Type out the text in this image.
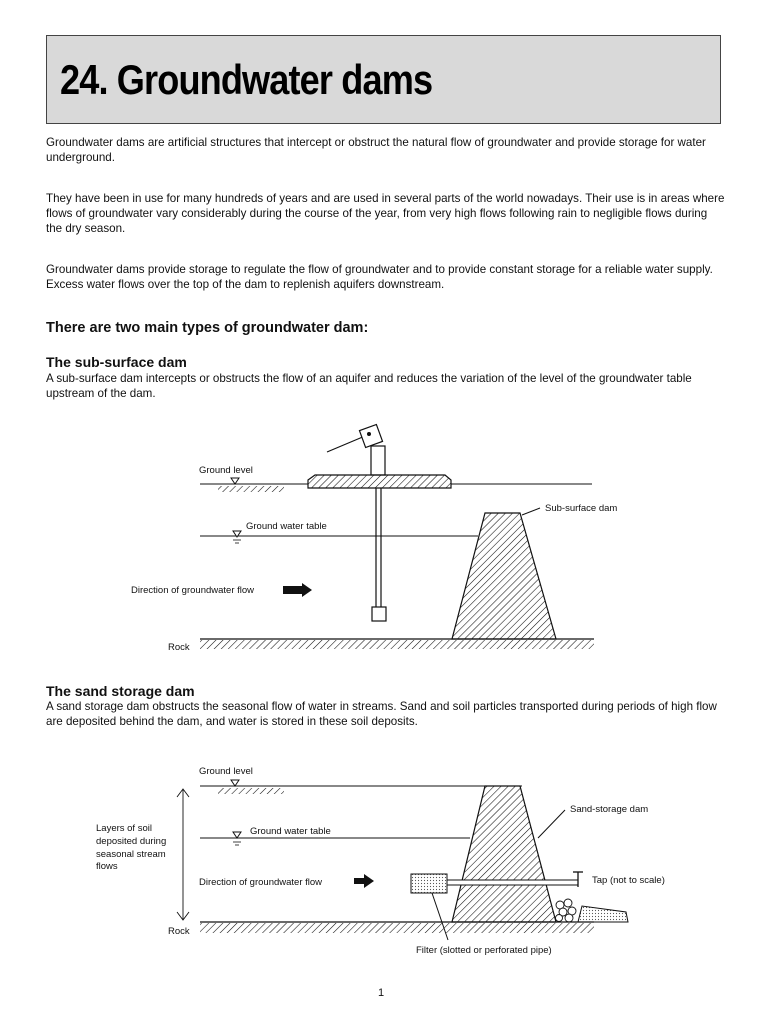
24. Groundwater dams

Groundwater dams are artificial structures that intercept or obstruct the natural flow of groundwater and provide storage for water underground.

They have been in use for many hundreds of years and are used in several parts of the world nowadays. Their use is in areas where flows of groundwater vary considerably during the course of the year, from very high flows following rain to negligible flows during the dry season.

Groundwater dams provide storage to regulate the flow of groundwater and to provide constant storage for a reliable water supply. Excess water flows over the top of the dam to replenish aquifers downstream.

There are two main types of groundwater dam:
The sub-surface dam

A sub-surface dam intercepts or obstructs the flow of an aquifer and reduces the variation of the level of the groundwater table upstream of the dam.

The sand storage dam

A sand storage dam obstructs the seasonal flow of water in streams. Sand and soil particles transported during periods of high flow are deposited behind the dam, and water is stored in these soil deposits.

Ground level
Ground water table
Direction of groundwater flow
Sub-surface dam
Rock
Ground level
Layers of soil
deposited during
seasonal stream
flows
Ground water table
Direction of groundwater flow
Sand-storage dam
Tap (not to scale)
Rock
Filter (slotted or perforated pipe)
1
